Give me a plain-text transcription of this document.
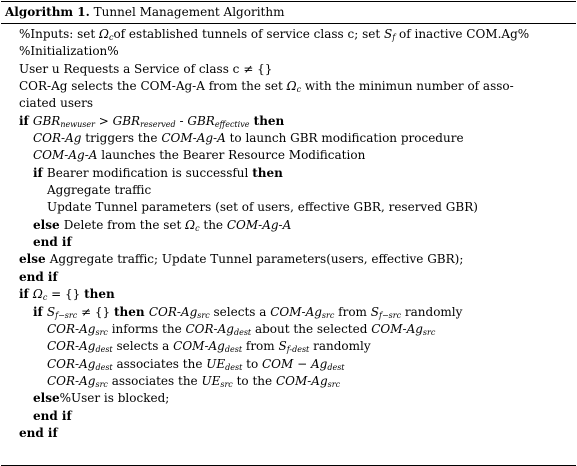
Algorithm 1. Tunnel Management Algorithm
%Inputs: set $\Omega_cof$ established tunnels of service class c; set $S_f$ of inactive COM.Ag%
%Initialization%
User u Requests a Service of class c ≠ {}
COR-Ag selects the COM-Ag-A from the set $\Omega_c$ with the minimun number of asso-
ciated users
if $GBR_{newuser} > GBR_{reserved} - GBR_{effective}$ then
COR-Ag triggers the COM-Ag-A to launch GBR modification procedure
COM-Ag-A launches the Bearer Resource Modification
if Bearer modification is successful then
Aggregate traffic
Update Tunnel parameters (set of users, effective GBR, reserved GBR)
else Delete from the set $\Omega_c$ the COM-Ag-A
end if
else Aggregate traffic; Update Tunnel parameters(users, effective GBR);
end if
if $\Omega_c$ = {} then
if $S_{f-src}$ ≠ {} then COR-$Ag_{src}$ selects a COM-$Ag_{src}$ from $S_{f-src}$ randomly
COR-$Ag_{src}$ informs the COR-$Ag_{dest}$ about the selected COM-$Ag_{src}$
COR-$Ag_{dest}$ selects a COM-$Ag_{dest}$ from $S_{f-dest}$ randomly
COR-$Ag_{dest}$ associates the $UE_{dest}$ to COM − $Ag_{dest}$
COR-$Ag_{src}$ associates the $UE_{src}$ to the COM-$Ag_{src}$
else%User is blocked;
end if
end if
